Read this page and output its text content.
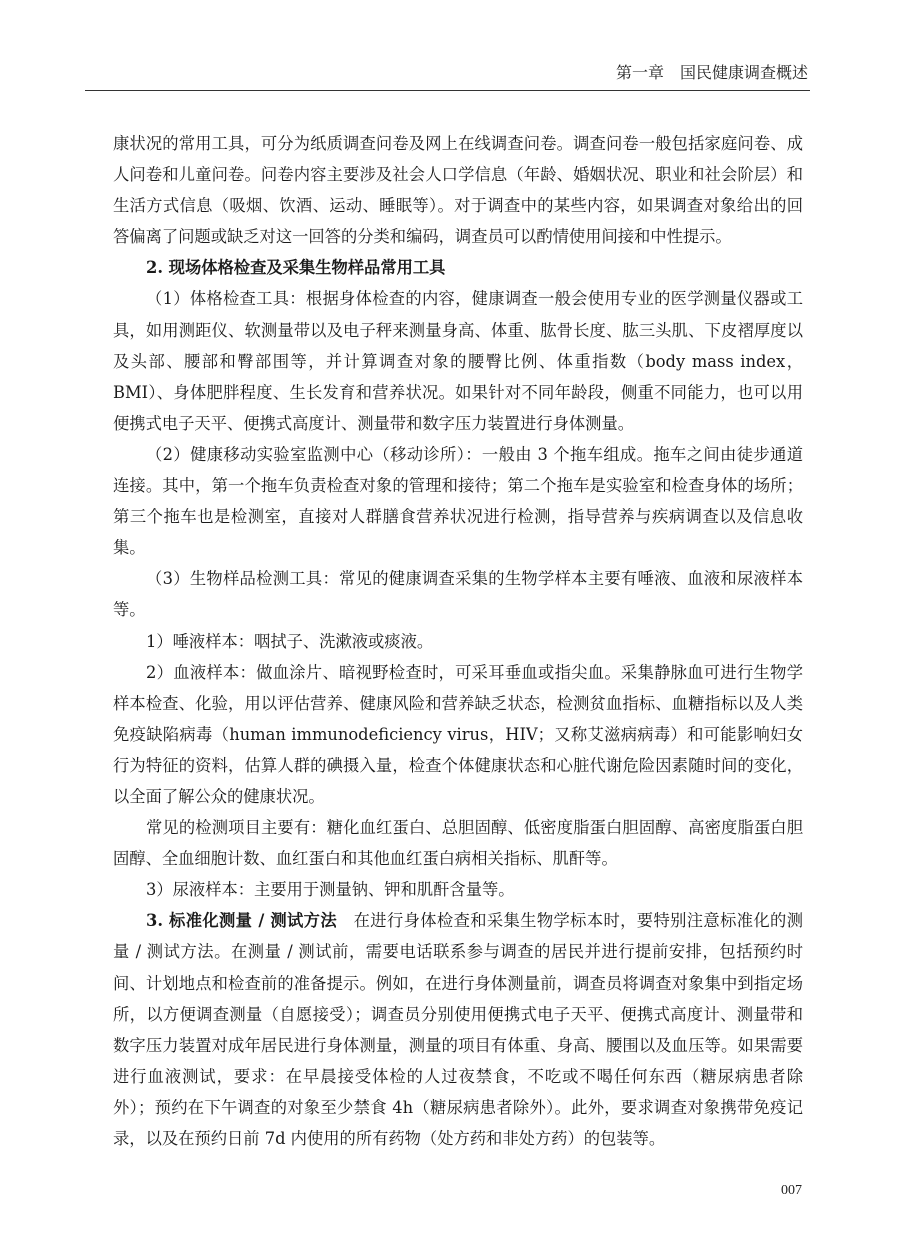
第一章　国民健康调查概述

康状况的常用工具，可分为纸质调查问卷及网上在线调查问卷。调查问卷一般包括家庭问卷、成人问卷和儿童问卷。问卷内容主要涉及社会人口学信息（年龄、婚姻状况、职业和社会阶层）和生活方式信息（吸烟、饮酒、运动、睡眠等）。对于调查中的某些内容，如果调查对象给出的回答偏离了问题或缺乏对这一回答的分类和编码，调查员可以酌情使用间接和中性提示。

2. 现场体格检查及采集生物样品常用工具

（1）体格检查工具：根据身体检查的内容，健康调查一般会使用专业的医学测量仪器或工具，如用测距仪、软测量带以及电子秤来测量身高、体重、肱骨长度、肱三头肌、下皮褶厚度以及头部、腰部和臀部围等，并计算调查对象的腰臀比例、体重指数（body mass index，BMI）、身体肥胖程度、生长发育和营养状况。如果针对不同年龄段，侧重不同能力，也可以用便携式电子天平、便携式高度计、测量带和数字压力装置进行身体测量。

（2）健康移动实验室监测中心（移动诊所）：一般由 3 个拖车组成。拖车之间由徒步通道连接。其中，第一个拖车负责检查对象的管理和接待；第二个拖车是实验室和检查身体的场所；第三个拖车也是检测室，直接对人群膳食营养状况进行检测，指导营养与疾病调查以及信息收集。

（3）生物样品检测工具：常见的健康调查采集的生物学样本主要有唾液、血液和尿液样本等。

1）唾液样本：咽拭子、洗漱液或痰液。

2）血液样本：做血涂片、暗视野检查时，可采耳垂血或指尖血。采集静脉血可进行生物学样本检查、化验，用以评估营养、健康风险和营养缺乏状态，检测贫血指标、血糖指标以及人类免疫缺陷病毒（human immunodeficiency virus，HIV；又称艾滋病病毒）和可能影响妇女行为特征的资料，估算人群的碘摄入量，检查个体健康状态和心脏代谢危险因素随时间的变化，以全面了解公众的健康状况。

常见的检测项目主要有：糖化血红蛋白、总胆固醇、低密度脂蛋白胆固醇、高密度脂蛋白胆固醇、全血细胞计数、血红蛋白和其他血红蛋白病相关指标、肌酐等。

3）尿液样本：主要用于测量钠、钾和肌酐含量等。

3. 标准化测量 / 测试方法　在进行身体检查和采集生物学标本时，要特别注意标准化的测量 / 测试方法。在测量 / 测试前，需要电话联系参与调查的居民并进行提前安排，包括预约时间、计划地点和检查前的准备提示。例如，在进行身体测量前，调查员将调查对象集中到指定场所，以方便调查测量（自愿接受）；调查员分别使用便携式电子天平、便携式高度计、测量带和数字压力装置对成年居民进行身体测量，测量的项目有体重、身高、腰围以及血压等。如果需要进行血液测试，要求：在早晨接受体检的人过夜禁食，不吃或不喝任何东西（糖尿病患者除外）；预约在下午调查的对象至少禁食 4h（糖尿病患者除外）。此外，要求调查对象携带免疫记录，以及在预约日前 7d 内使用的所有药物（处方药和非处方药）的包装等。

007
